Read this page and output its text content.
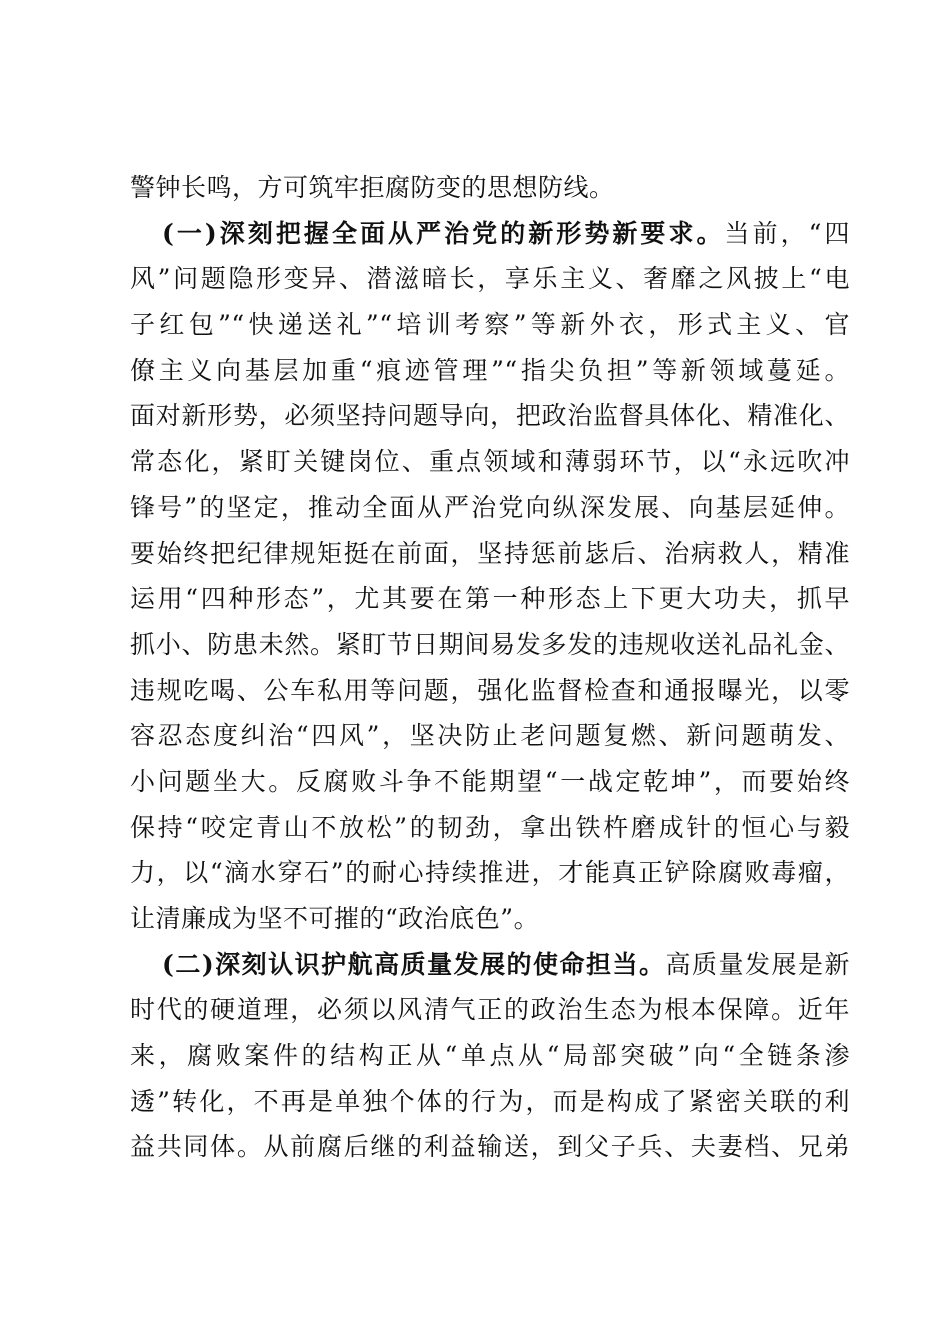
警钟长鸣，方可筑牢拒腐防变的思想防线。
(一)深刻把握全面从严治党的新形势新要求。当前，“四
风”问题隐形变异、潜滋暗长，享乐主义、奢靡之风披上“电
子红包”“快递送礼”“培训考察”等新外衣，形式主义、官
僚主义向基层加重“痕迹管理”“指尖负担”等新领域蔓延。
面对新形势，必须坚持问题导向，把政治监督具体化、精准化、
常态化，紧盯关键岗位、重点领域和薄弱环节，以“永远吹冲
锋号”的坚定，推动全面从严治党向纵深发展、向基层延伸。
要始终把纪律规矩挺在前面，坚持惩前毖后、治病救人，精准
运用“四种形态”，尤其要在第一种形态上下更大功夫，抓早
抓小、防患未然。紧盯节日期间易发多发的违规收送礼品礼金、
违规吃喝、公车私用等问题，强化监督检查和通报曝光，以零
容忍态度纠治“四风”，坚决防止老问题复燃、新问题萌发、
小问题坐大。反腐败斗争不能期望“一战定乾坤”，而要始终
保持“咬定青山不放松”的韧劲，拿出铁杵磨成针的恒心与毅
力，以“滴水穿石”的耐心持续推进，才能真正铲除腐败毒瘤，
让清廉成为坚不可摧的“政治底色”。
(二)深刻认识护航高质量发展的使命担当。高质量发展是新
时代的硬道理，必须以风清气正的政治生态为根本保障。近年
来，腐败案件的结构正从“单点从“局部突破”向“全链条渗
透”转化，不再是单独个体的行为，而是构成了紧密关联的利
益共同体。从前腐后继的利益输送，到父子兵、夫妻档、兄弟
